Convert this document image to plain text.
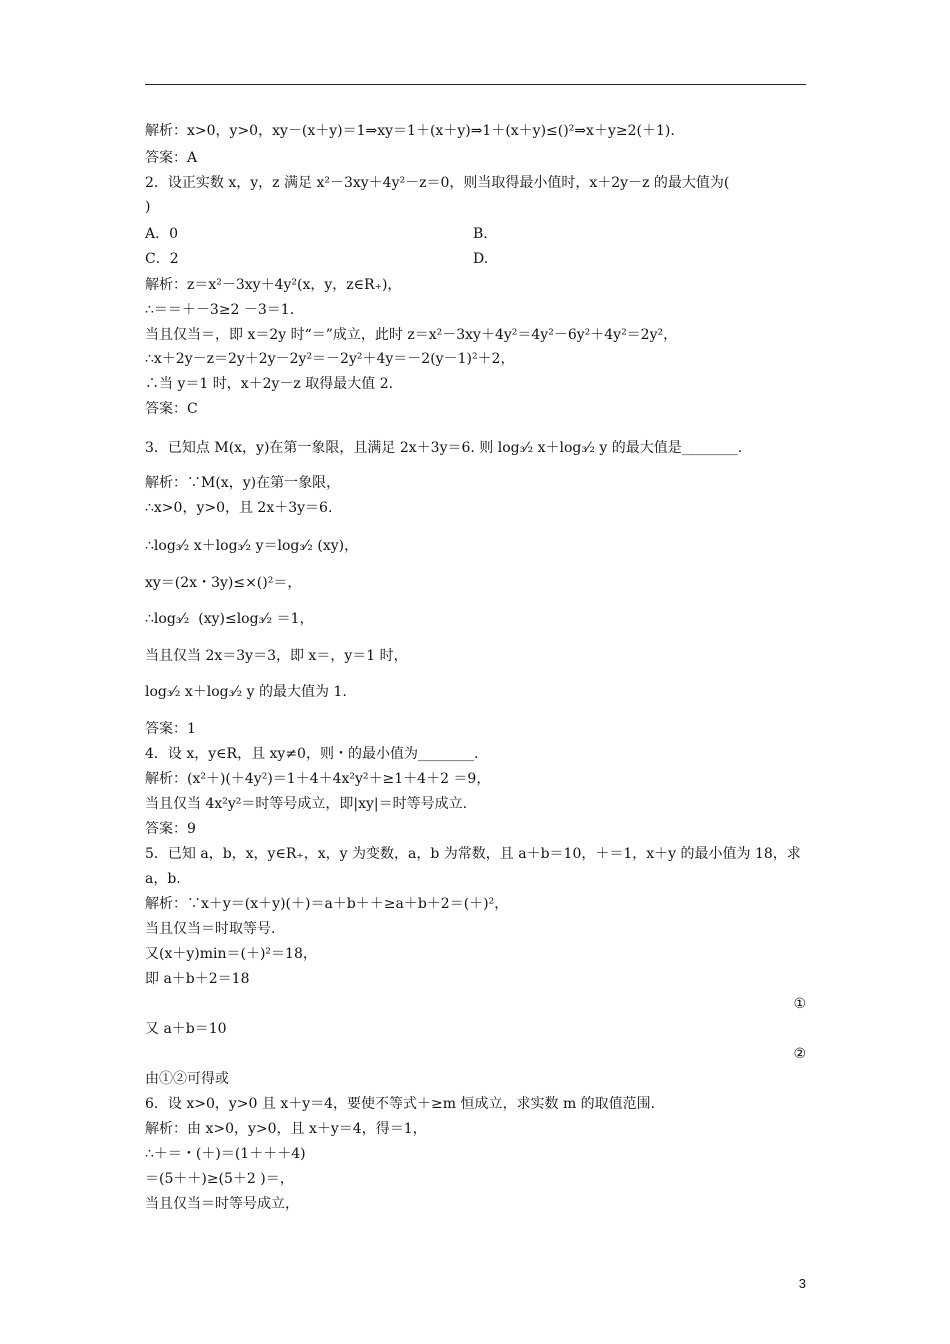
解析：x>0，y>0，xy－(x＋y)＝1⇒xy＝1＋(x＋y)⇒1＋(x＋y)≤()²⇒x＋y≥2(＋1).
答案：A
2．设正实数 x，y，z 满足 x²－3xy＋4y²－z＝0，则当取得最小值时，x＋2y－z 的最大值为(
)
A．0	B.
C．2	D.
解析：z＝x²－3xy＋4y²(x，y，z∈R₊)，
∴＝＝＋－3≥2 －3＝1.
当且仅当＝，即 x＝2y 时“＝”成立，此时 z＝x²－3xy＋4y²＝4y²－6y²＋4y²＝2y²，
∴x＋2y－z＝2y＋2y－2y²＝－2y²＋4y＝－2(y－1)²＋2，
∴当 y＝1 时，x＋2y－z 取得最大值 2.
答案：C
3．已知点 M(x，y)在第一象限，且满足 2x＋3y＝6. 则 log₃⁄₂ x＋log₃⁄₂ y 的最大值是________.
解析：∵M(x，y)在第一象限，
∴x>0，y>0，且 2x＋3y＝6.
∴log₃⁄₂ x＋log₃⁄₂ y＝log₃⁄₂ (xy)，
xy＝(2x・3y)≤×()²＝，
∴log₃⁄₂  (xy)≤log₃⁄₂ ＝1，
当且仅当 2x＝3y＝3，即 x＝，y＝1 时，
log₃⁄₂ x＋log₃⁄₂ y 的最大值为 1.
答案：1
4．设 x，y∈R，且 xy≠0，则・的最小值为________.
解析：(x²＋)(＋4y²)＝1＋4＋4x²y²＋≥1＋4＋2 ＝9，
当且仅当 4x²y²＝时等号成立，即|xy|＝时等号成立.
答案：9
5．已知 a，b，x，y∈R₊，x，y 为变数，a，b 为常数，且 a＋b＝10，＋＝1，x＋y 的最小值为 18，求
a，b.
解析：∵x＋y＝(x＋y)(＋)＝a＋b＋＋≥a＋b＋2＝(＋)²，
当且仅当＝时取等号.
又(x＋y)min＝(＋)²＝18，
即 a＋b＋2＝18
①
又 a＋b＝10
②
由①②可得或
6．设 x>0，y>0 且 x＋y＝4，要使不等式＋≥m 恒成立，求实数 m 的取值范围.
解析：由 x>0，y>0，且 x＋y＝4，得＝1，
∴＋＝・(＋)＝(1＋＋＋4)
＝(5＋＋)≥(5＋2 )＝，
当且仅当＝时等号成立，
3
